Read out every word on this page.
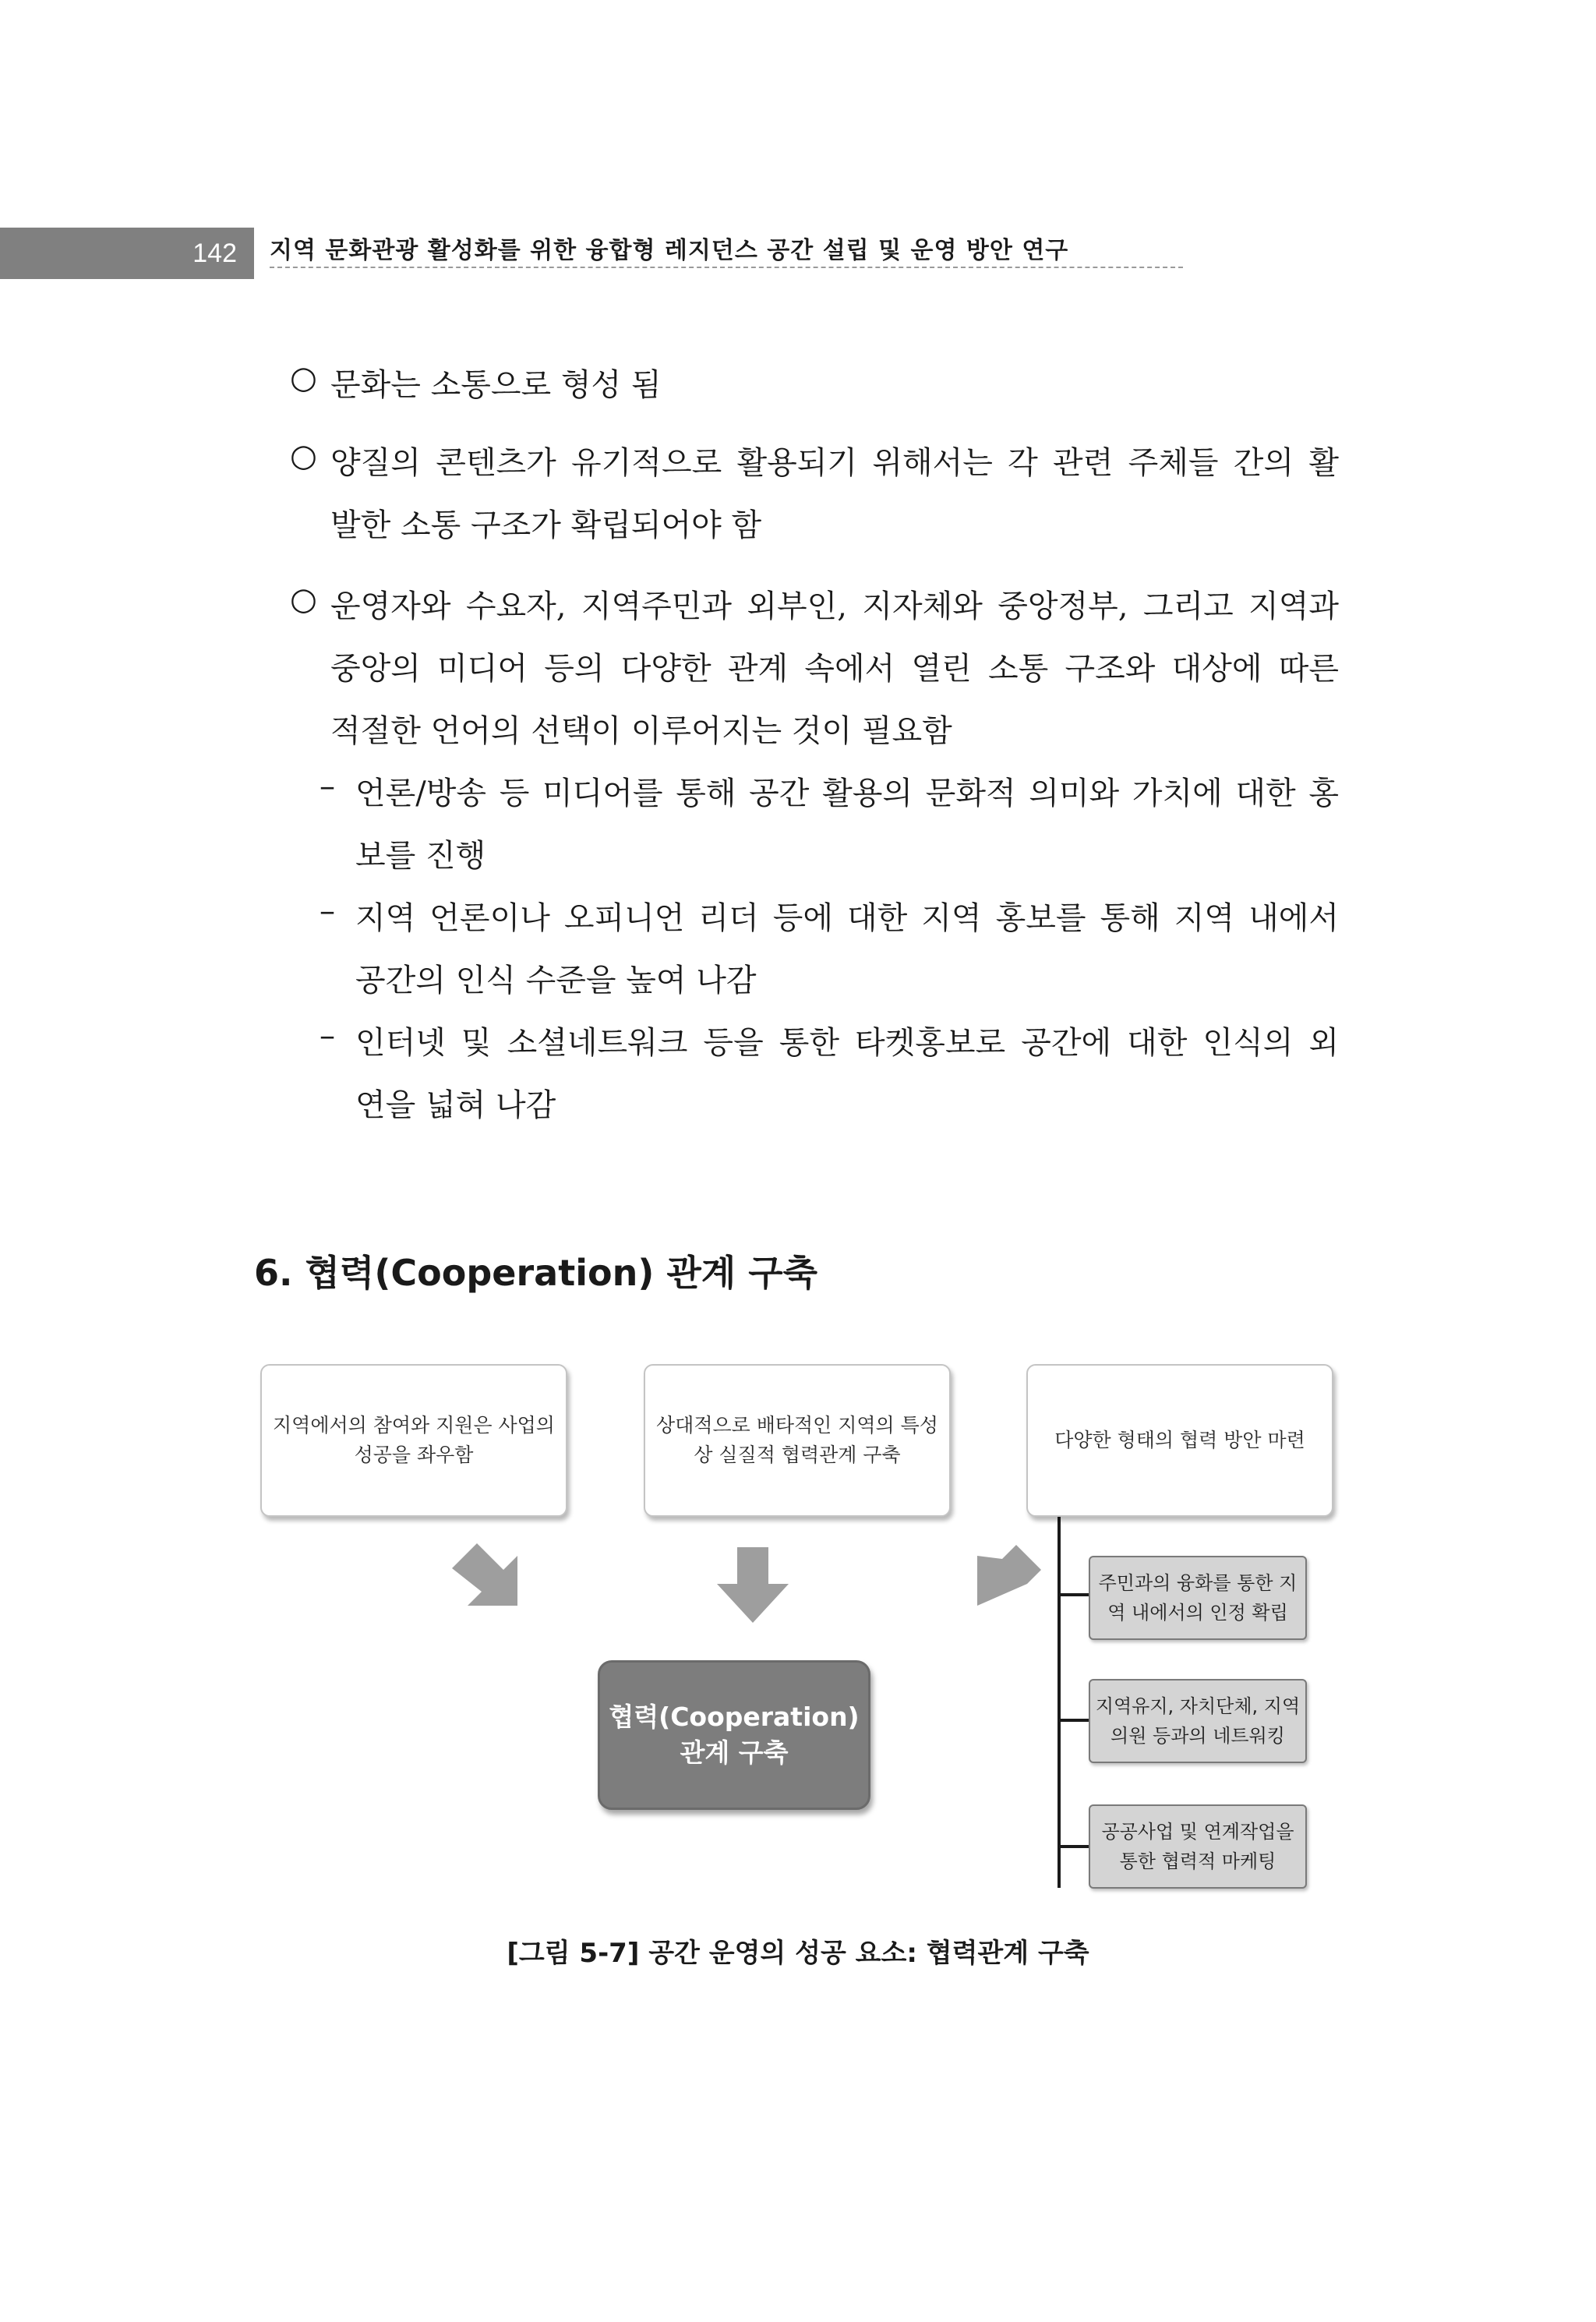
142 지역 문화관광 활성화를 위한 융합형 레지던스 공간 설립 및 운영 방안 연구
○ 문화는 소통으로 형성 됨
○ 양질의 콘텐츠가 유기적으로 활용되기 위해서는 각 관련 주체들 간의 활
발한 소통 구조가 확립되어야 함
○ 운영자와 수요자, 지역주민과 외부인, 지자체와 중앙정부, 그리고 지역과
중앙의 미디어 등의 다양한 관계 속에서 열린 소통 구조와 대상에 따른
적절한 언어의 선택이 이루어지는 것이 필요함
– 언론/방송 등 미디어를 통해 공간 활용의 문화적 의미와 가치에 대한 홍
보를 진행
– 지역 언론이나 오피니언 리더 등에 대한 지역 홍보를 통해 지역 내에서
공간의 인식 수준을 높여 나감
– 인터넷 및 소셜네트워크 등을 통한 타켓홍보로 공간에 대한 인식의 외
연을 넓혀 나감
6. 협력(Cooperation) 관계 구축
지역에서의 참여와 지원은 사업의
성공을 좌우함
상대적으로 배타적인 지역의 특성
상 실질적 협력관계 구축
다양한 형태의 협력 방안 마련
협력(Cooperation)
관계 구축
주민과의 융화를 통한 지
역 내에서의 인정 확립
지역유지, 자치단체, 지역
의원 등과의 네트워킹
공공사업 및 연계작업을
통한 협력적 마케팅
[그림 5-7] 공간 운영의 성공 요소: 협력관계 구축
